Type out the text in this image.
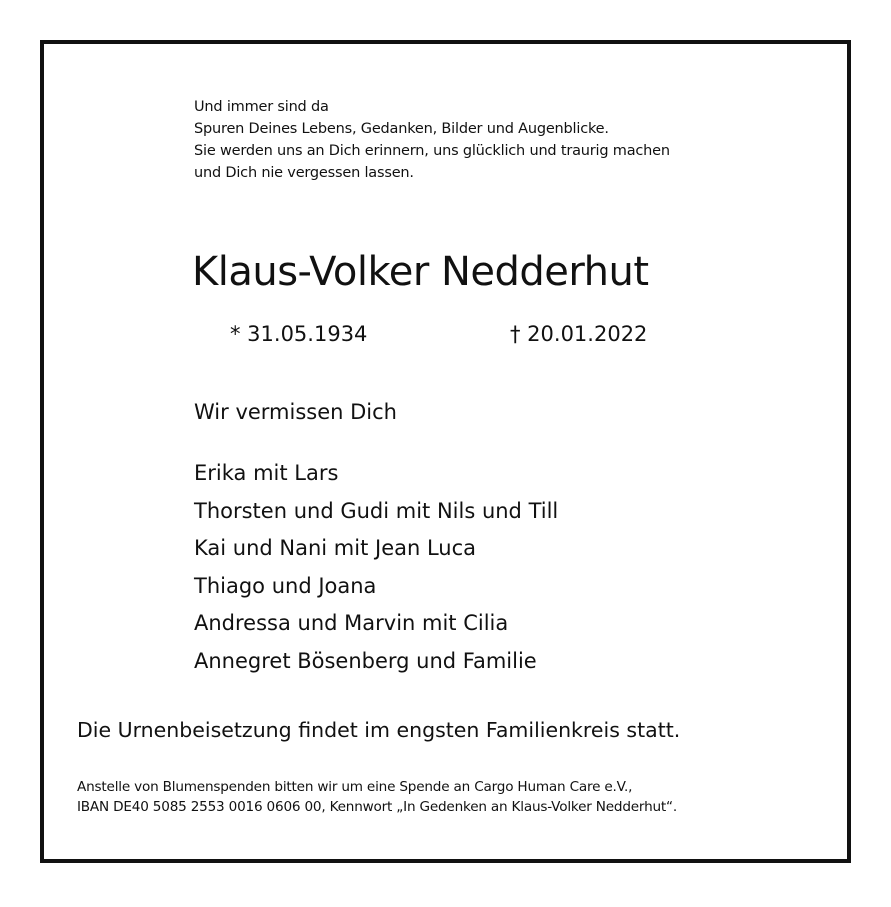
Und immer sind da
Spuren Deines Lebens, Gedanken, Bilder und Augenblicke.
Sie werden uns an Dich erinnern, uns glücklich und traurig machen
und Dich nie vergessen lassen.
Klaus-Volker Nedderhut
* 31.05.1934	† 20.01.2022
Wir vermissen Dich
Erika mit Lars
Thorsten und Gudi mit Nils und Till
Kai und Nani mit Jean Luca
Thiago und Joana
Andressa und Marvin mit Cilia
Annegret Bösenberg und Familie
Die Urnenbeisetzung findet im engsten Familienkreis statt.
Anstelle von Blumenspenden bitten wir um eine Spende an Cargo Human Care e.V.,
IBAN DE40 5085 2553 0016 0606 00, Kennwort „In Gedenken an Klaus-Volker Nedderhut“.
